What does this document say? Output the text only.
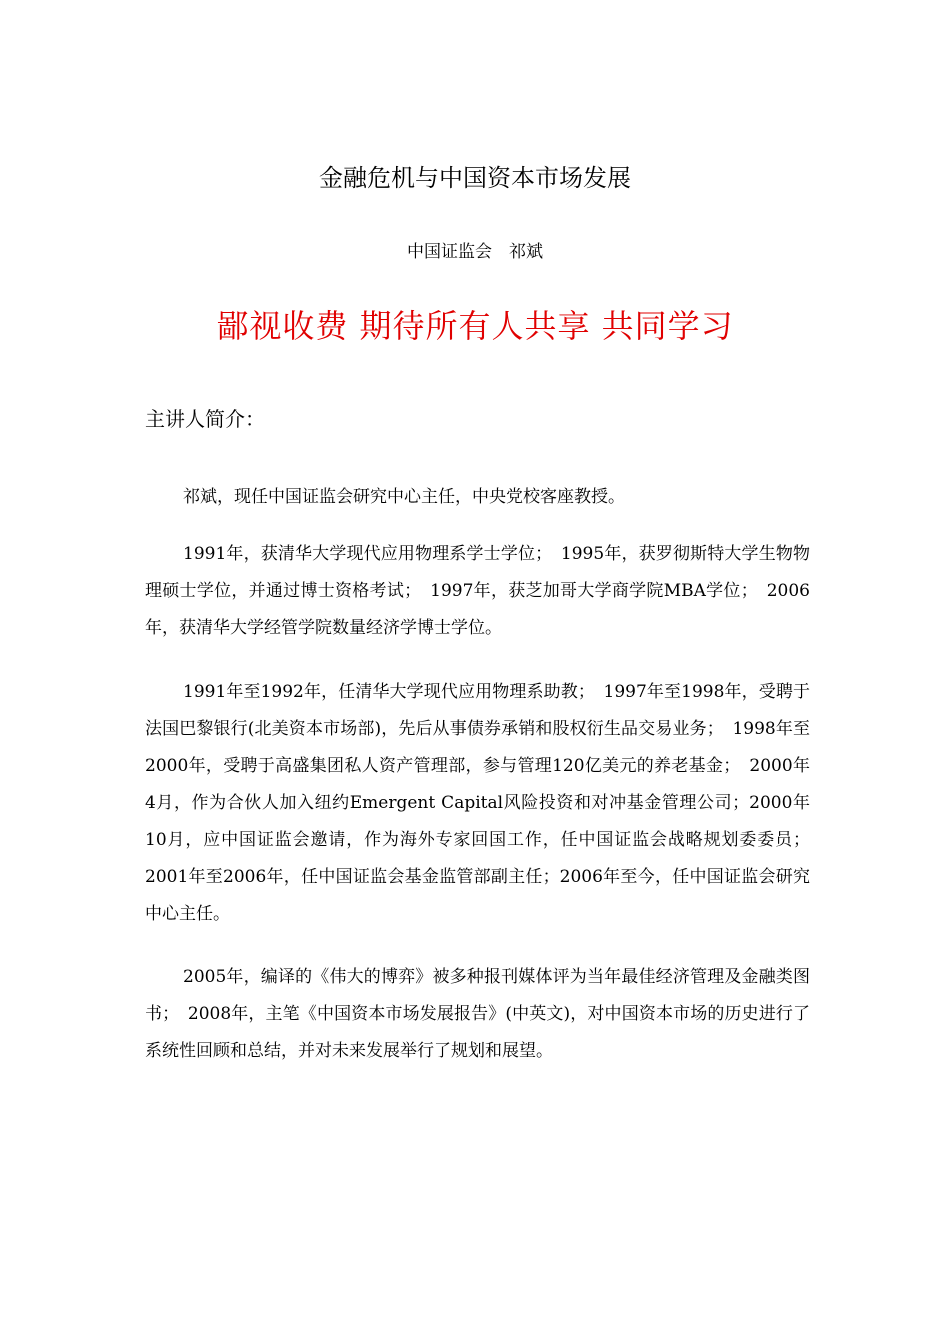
金融危机与中国资本市场发展
中国证监会　祁斌
鄙视收费 期待所有人共享 共同学习
主讲人简介：

祁斌，现任中国证监会研究中心主任，中央党校客座教授。

1991年，获清华大学现代应用物理系学士学位；　1995年，获罗彻斯特大学生物物理硕士学位，并通过博士资格考试；　1997年，获芝加哥大学商学院MBA学位；　2006年，获清华大学经管学院数量经济学博士学位。

1991年至1992年，任清华大学现代应用物理系助教；　1997年至1998年，受聘于法国巴黎银行(北美资本市场部)，先后从事债券承销和股权衍生品交易业务；　1998年至2000年，受聘于高盛集团私人资产管理部，参与管理120亿美元的养老基金；　2000年4月，作为合伙人加入纽约Emergent Capital风险投资和对冲基金管理公司；2000年10月，应中国证监会邀请，作为海外专家回国工作，任中国证监会战略规划委委员；2001年至2006年，任中国证监会基金监管部副主任；2006年至今，任中国证监会研究中心主任。

2005年，编译的《伟大的博弈》被多种报刊媒体评为当年最佳经济管理及金融类图书；　2008年，主笔《中国资本市场发展报告》(中英文)，对中国资本市场的历史进行了系统性回顾和总结，并对未来发展举行了规划和展望。
